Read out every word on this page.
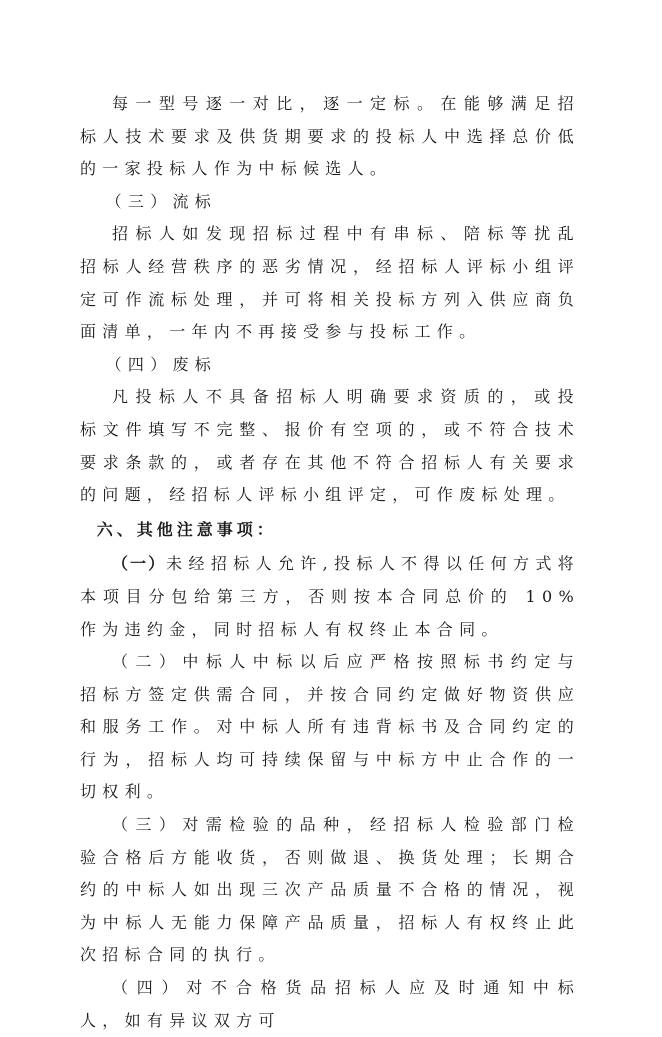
每一型号逐一对比，逐一定标。在能够满足招标人技术要求及供货期要求的投标人中选择总价低的一家投标人作为中标候选人。

（三）流标

招标人如发现招标过程中有串标、陪标等扰乱招标人经营秩序的恶劣情况，经招标人评标小组评定可作流标处理，并可将相关投标方列入供应商负面清单，一年内不再接受参与投标工作。

（四）废标

凡投标人不具备招标人明确要求资质的，或投标文件填写不完整、报价有空项的，或不符合技术要求条款的，或者存在其他不符合招标人有关要求的问题，经招标人评标小组评定，可作废标处理。

六、其他注意事项：

（一）未经招标人允许,投标人不得以任何方式将本项目分包给第三方，否则按本合同总价的 10%作为违约金，同时招标人有权终止本合同。

（二）中标人中标以后应严格按照标书约定与招标方签定供需合同，并按合同约定做好物资供应和服务工作。对中标人所有违背标书及合同约定的行为，招标人均可持续保留与中标方中止合作的一切权利。

（三）对需检验的品种，经招标人检验部门检验合格后方能收货，否则做退、换货处理；长期合约的中标人如出现三次产品质量不合格的情况，视为中标人无能力保障产品质量，招标人有权终止此次招标合同的执行。

（四）对不合格货品招标人应及时通知中标人，如有异议双方可
